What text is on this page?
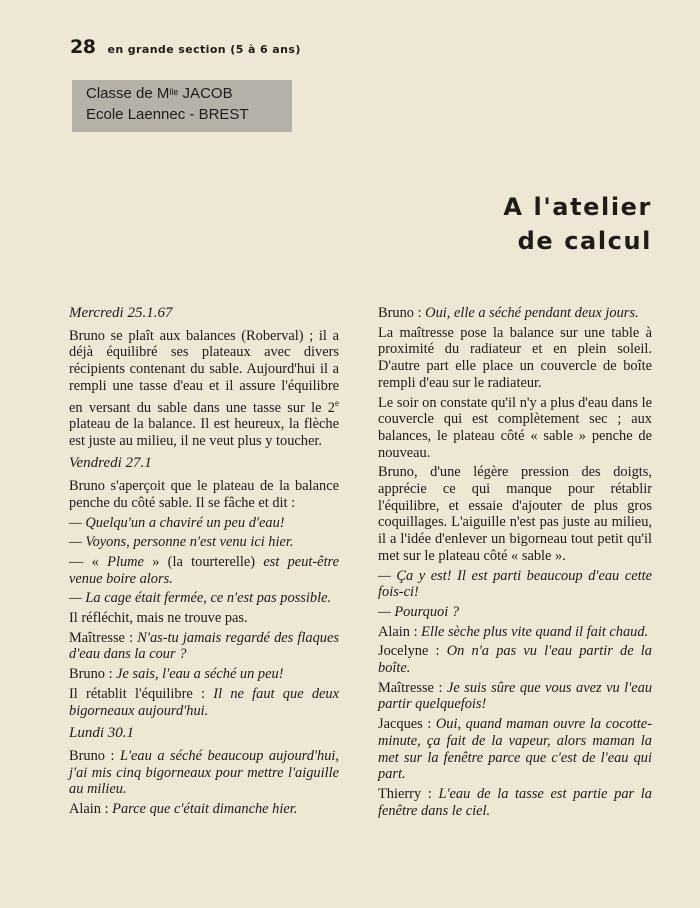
28 en grande section (5 à 6 ans)
Classe de $M^{lle}$ JACOB
Ecole Laennec - BREST
A l'atelier
de calcul

Mercredi 25.1.67

Bruno se plaît aux balances (Roberval) ; il a déjà équilibré ses plateaux avec divers récipients contenant du sable. Aujourd'hui il a rempli une tasse d'eau et il assure l'équilibre en versant du sable dans une tasse sur le 2e plateau de la balance. Il est heureux, la flèche est juste au milieu, il ne veut plus y toucher.

Vendredi 27.1

Bruno s'aperçoit que le plateau de la balance penche du côté sable. Il se fâche et dit :

— Quelqu'un a chaviré un peu d'eau!

— Voyons, personne n'est venu ici hier.

— « Plume » (la tourterelle) est peut-être venue boire alors.

— La cage était fermée, ce n'est pas possible.

Il réfléchit, mais ne trouve pas.

Maîtresse : N'as-tu jamais regardé des flaques d'eau dans la cour ?

Bruno : Je sais, l'eau a séché un peu!

Il rétablit l'équilibre : Il ne faut que deux bigorneaux aujourd'hui.

Lundi 30.1

Bruno : L'eau a séché beaucoup aujourd'hui, j'ai mis cinq bigorneaux pour mettre l'aiguille au milieu.

Alain : Parce que c'était dimanche hier.

Bruno : Oui, elle a séché pendant deux jours.

La maîtresse pose la balance sur une table à proximité du radiateur et en plein soleil. D'autre part elle place un couvercle de boîte rempli d'eau sur le radiateur.

Le soir on constate qu'il n'y a plus d'eau dans le couvercle qui est complètement sec ; aux balances, le plateau côté « sable » penche de nouveau.

Bruno, d'une légère pression des doigts, apprécie ce qui manque pour rétablir l'équilibre, et essaie d'ajouter de plus gros coquillages. L'aiguille n'est pas juste au milieu, il a l'idée d'enlever un bigorneau tout petit qu'il met sur le plateau côté « sable ».

— Ça y est! Il est parti beaucoup d'eau cette fois-ci!

— Pourquoi ?

Alain : Elle sèche plus vite quand il fait chaud.

Jocelyne : On n'a pas vu l'eau partir de la boîte.

Maîtresse : Je suis sûre que vous avez vu l'eau partir quelquefois!

Jacques : Oui, quand maman ouvre la cocotte-minute, ça fait de la vapeur, alors maman la met sur la fenêtre parce que c'est de l'eau qui part.

Thierry : L'eau de la tasse est partie par la fenêtre dans le ciel.
